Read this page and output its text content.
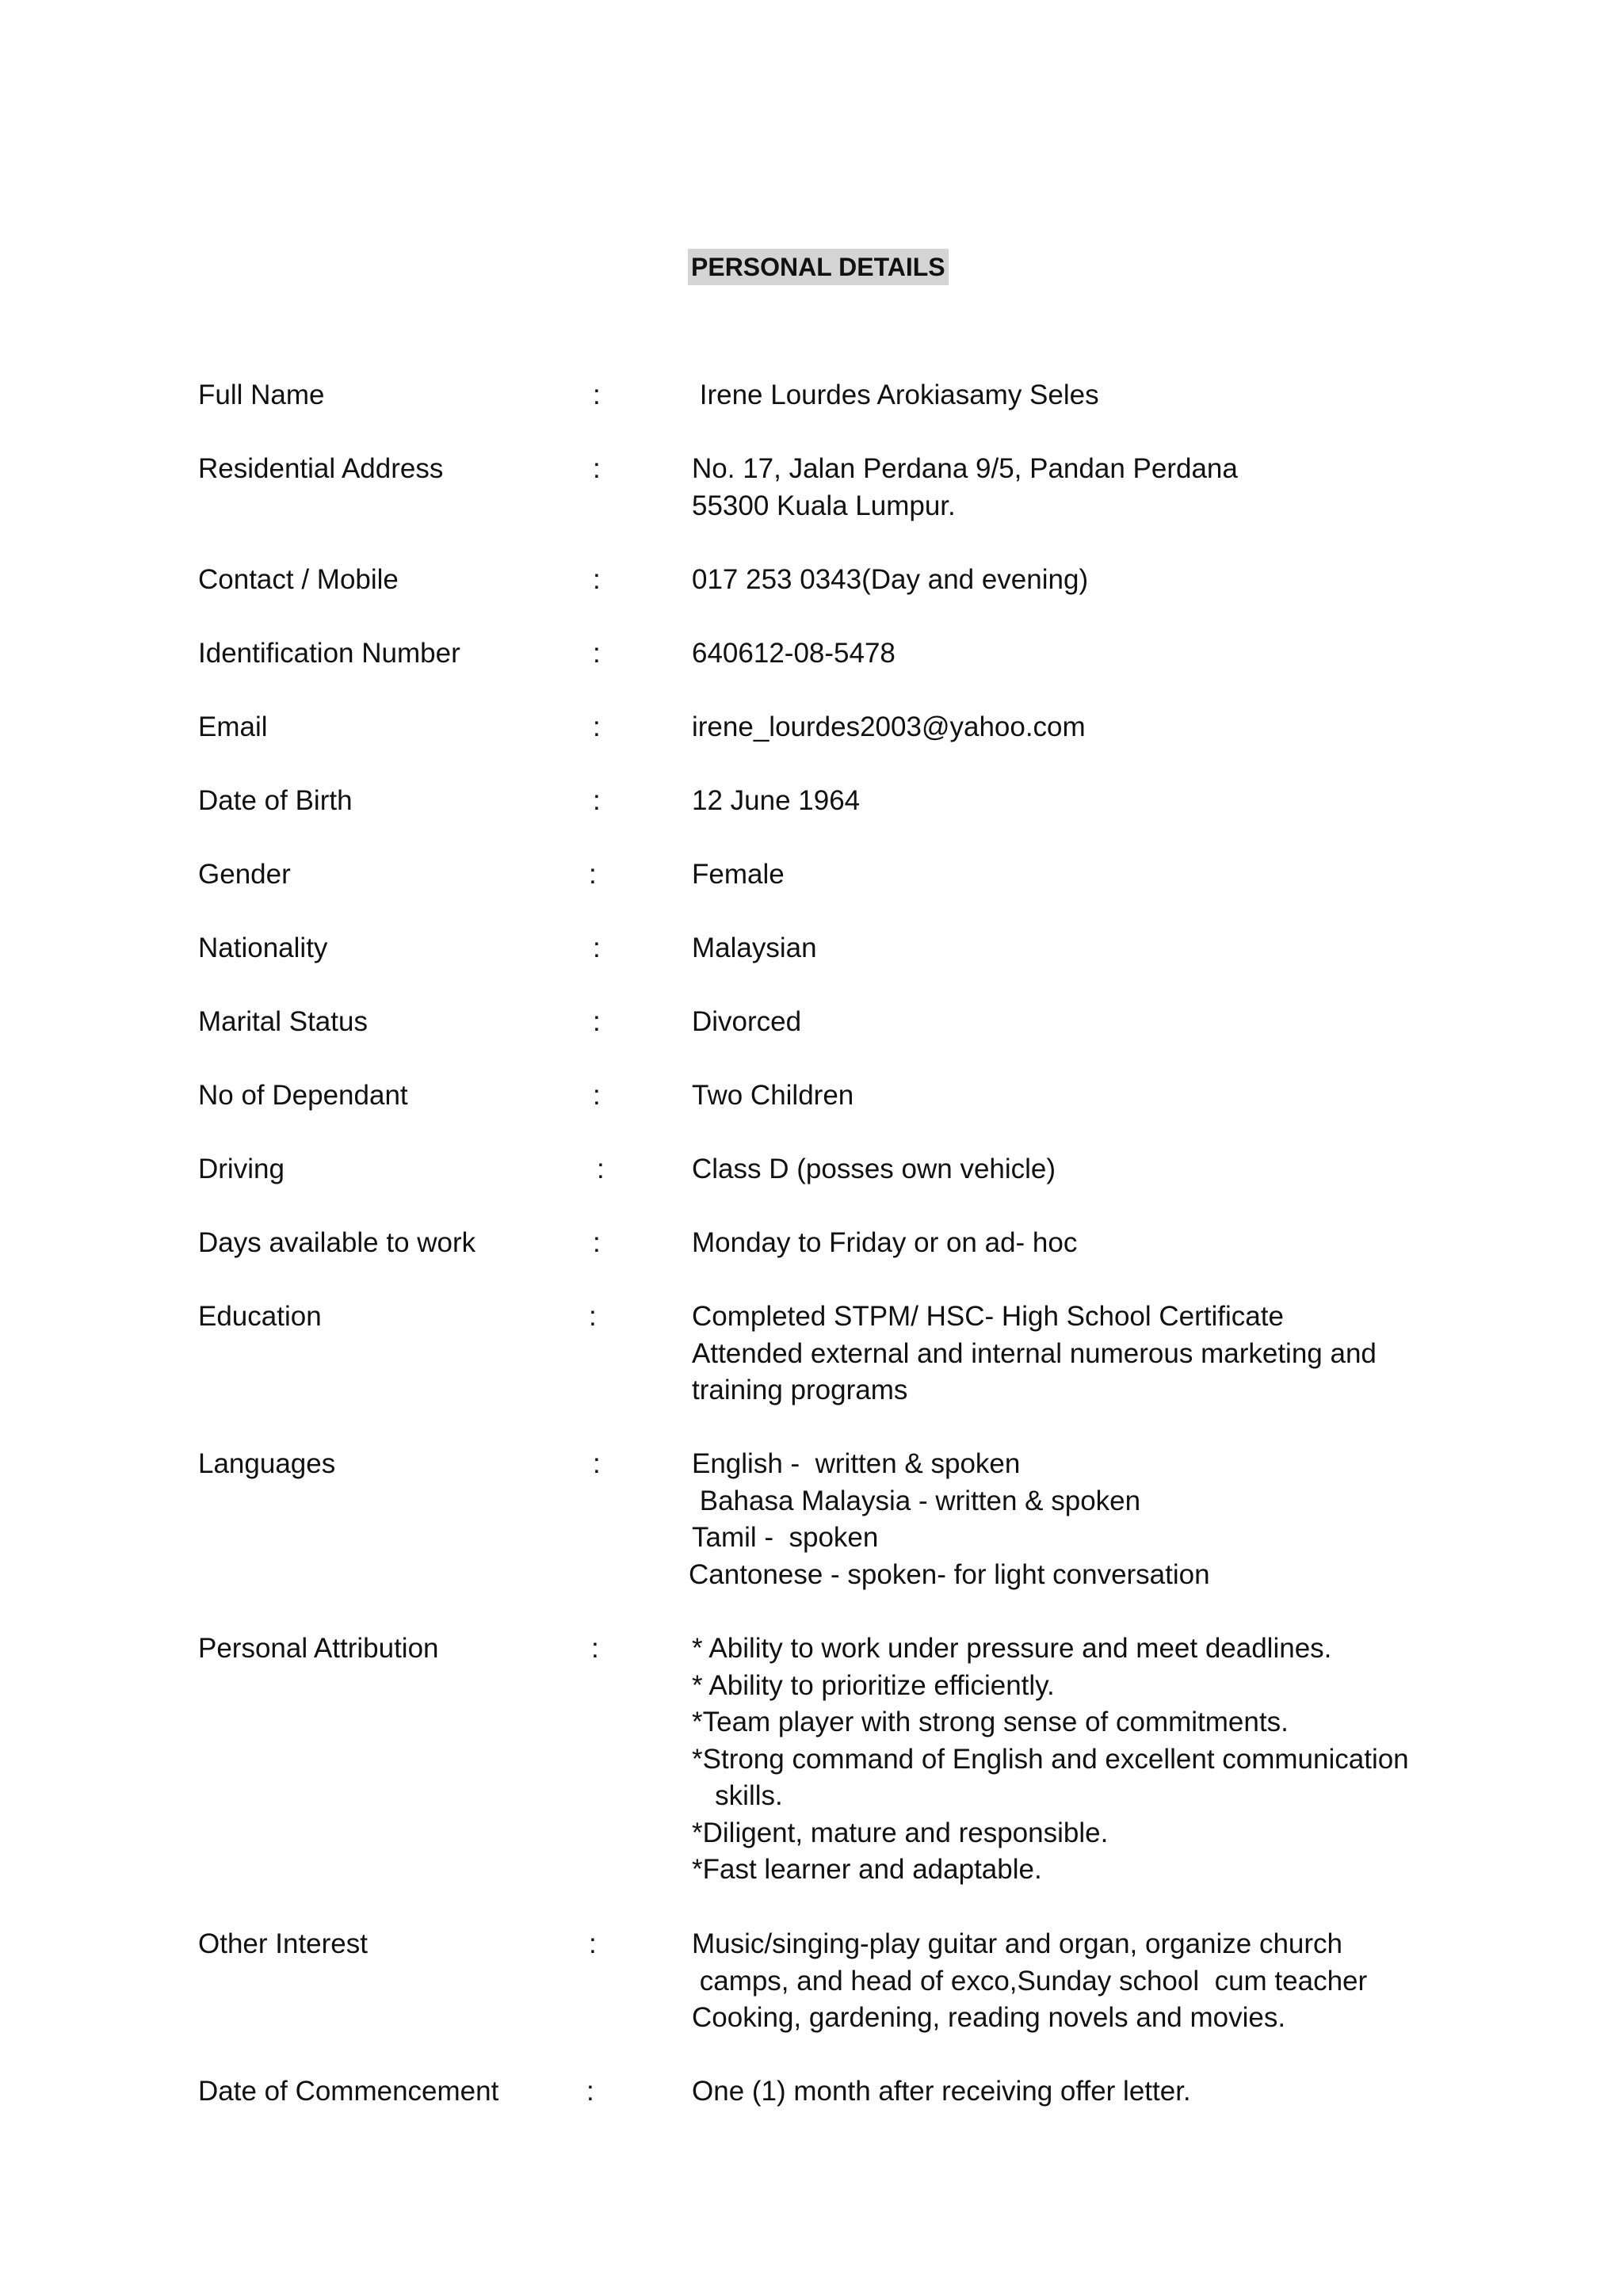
PERSONAL DETAILS
Full Name	:	Irene Lourdes Arokiasamy Seles
Residential Address	:	No. 17, Jalan Perdana 9/5, Pandan Perdana
55300 Kuala Lumpur.
Contact / Mobile	:	017 253 0343(Day and evening)
Identification Number	:	640612-08-5478
Email	:	irene_lourdes2003@yahoo.com
Date of Birth	:	12 June 1964
Gender	:	Female
Nationality	:	Malaysian
Marital Status	:	Divorced
No of Dependant	:	Two Children
Driving	:	Class D (posses own vehicle)
Days available to work	:	Monday to Friday or on ad- hoc
Education	:	Completed STPM/ HSC- High School Certificate
Attended external and internal numerous marketing and
training programs
Languages	:	English -  written & spoken
Bahasa Malaysia - written & spoken
Tamil -  spoken
Cantonese - spoken- for light conversation
Personal Attribution	:	* Ability to work under pressure and meet deadlines.
* Ability to prioritize efficiently.
*Team player with strong sense of commitments.
*Strong command of English and excellent communication
skills.
*Diligent, mature and responsible.
*Fast learner and adaptable.
Other Interest	:	Music/singing-play guitar and organ, organize church
camps, and head of exco,Sunday school  cum teacher
Cooking, gardening, reading novels and movies.
Date of Commencement	:	One (1) month after receiving offer letter.
